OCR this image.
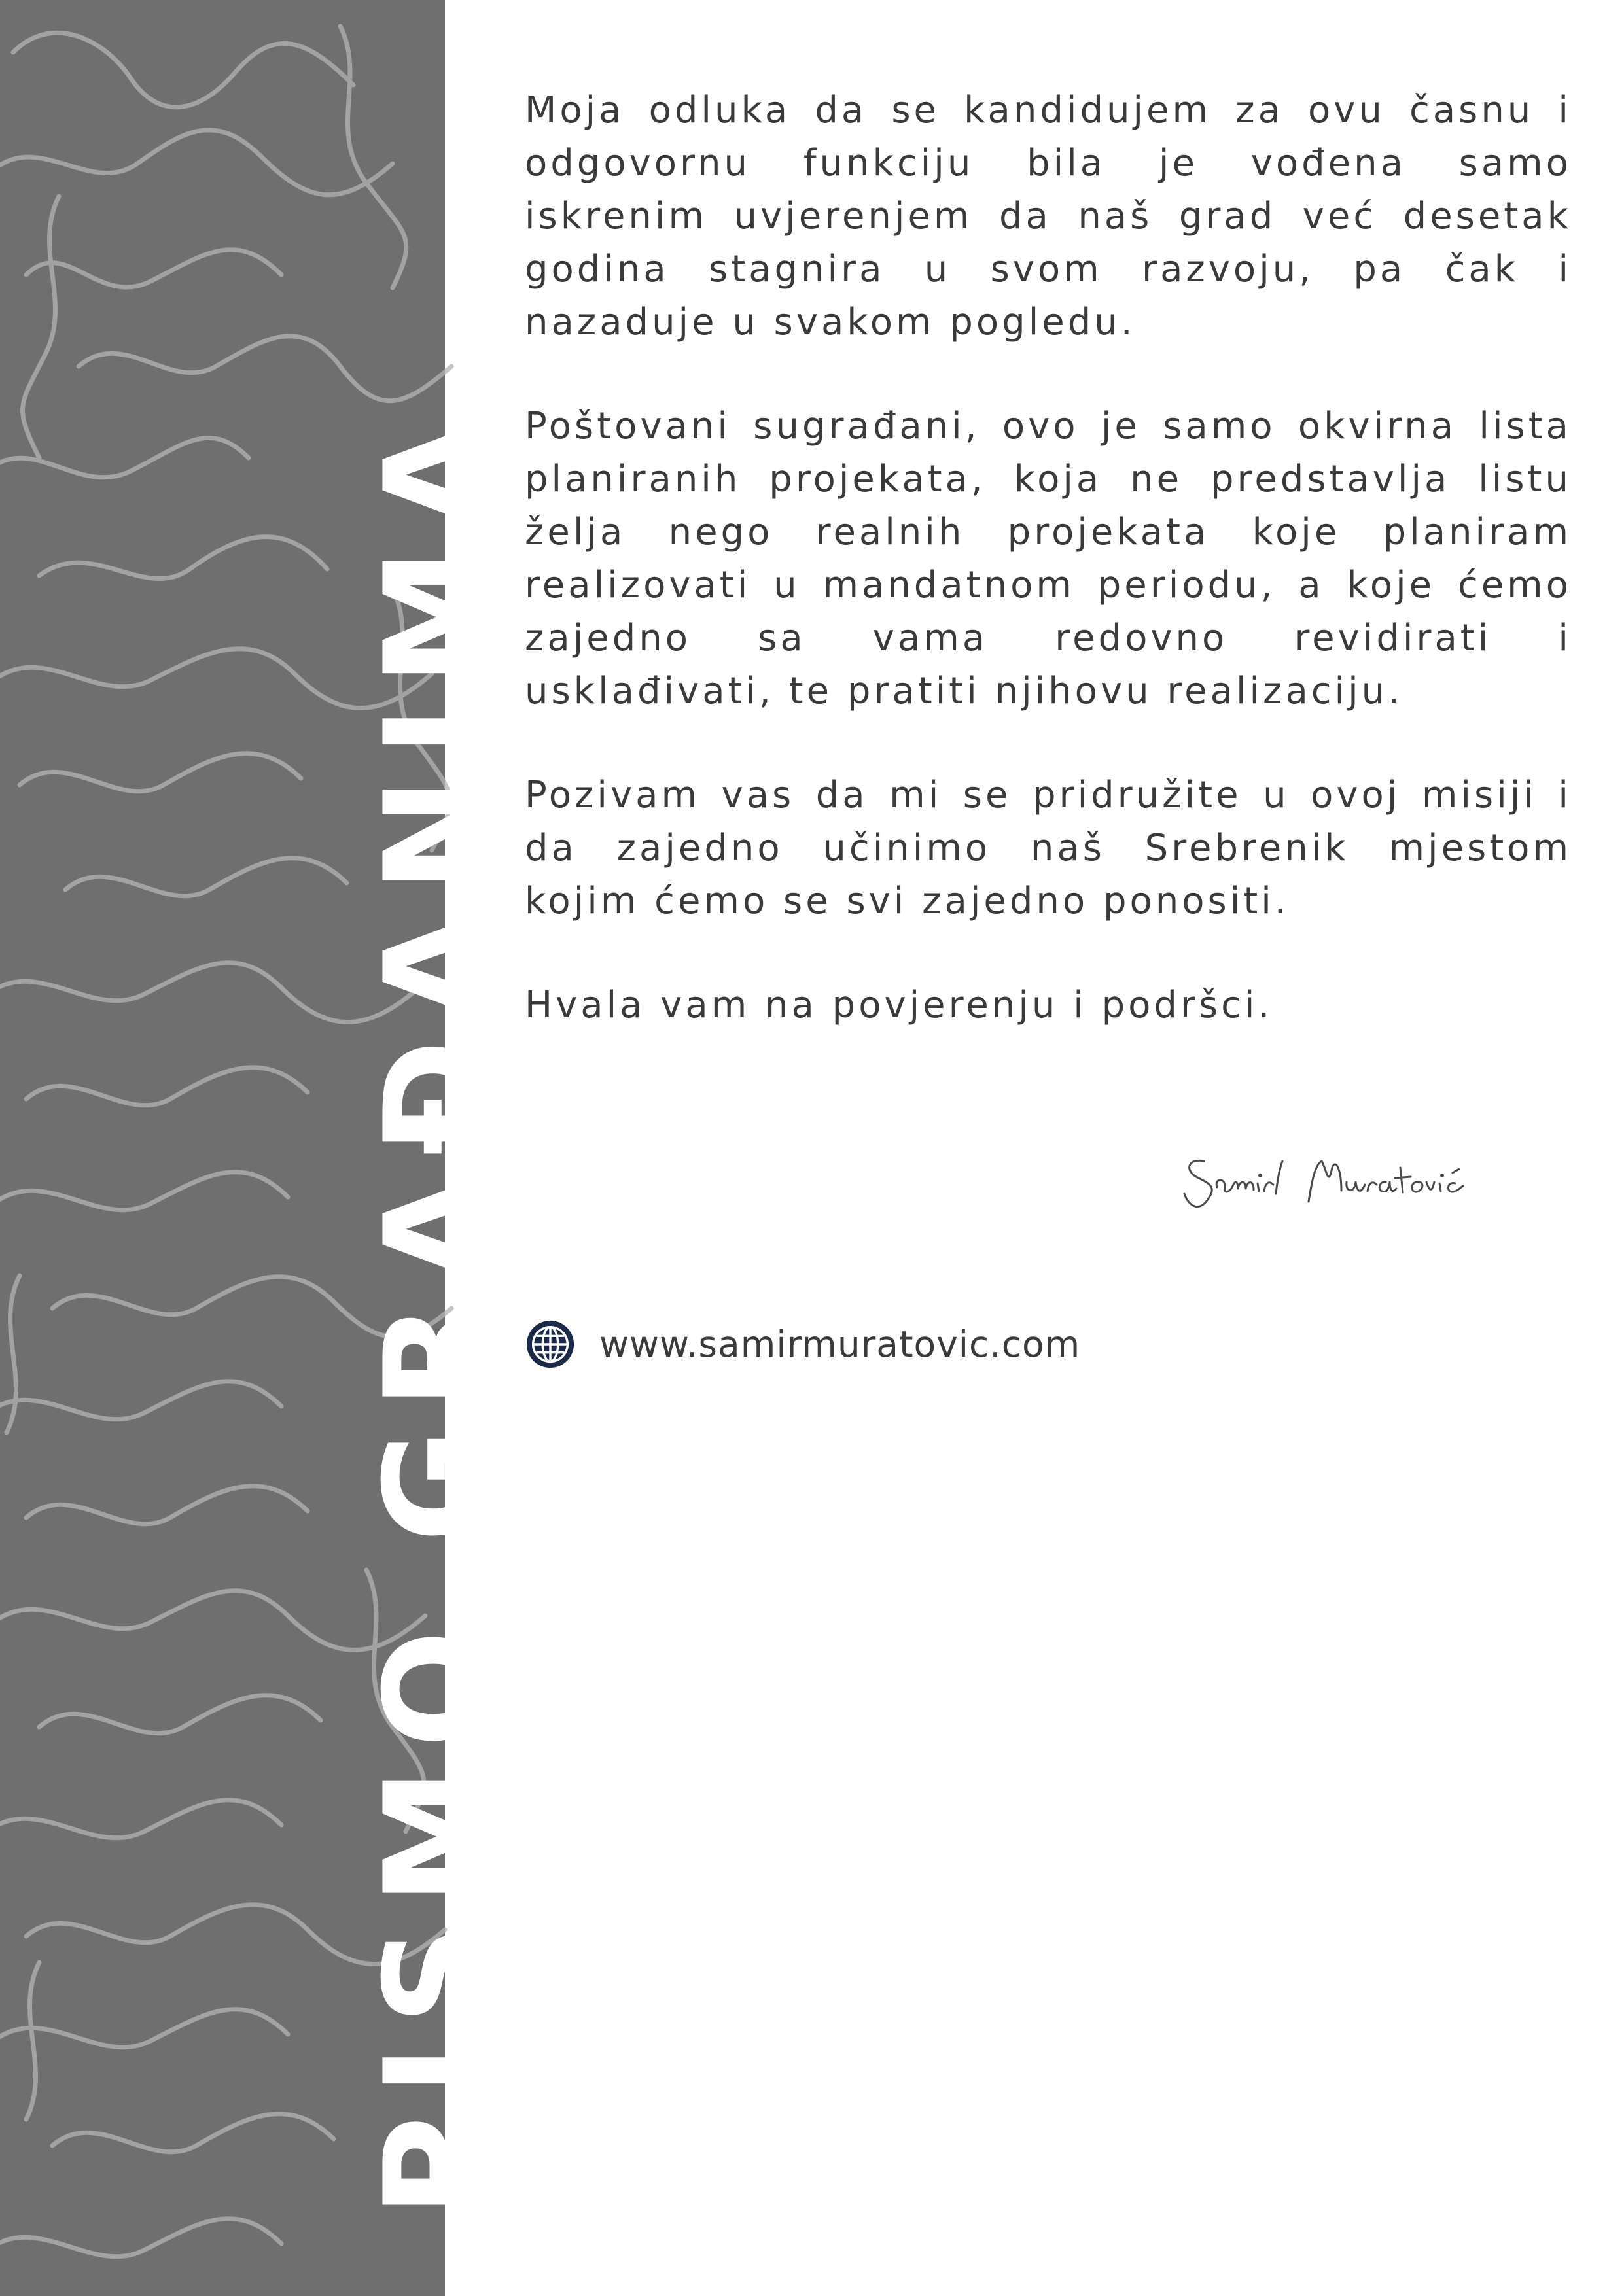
PISMO GRAĐANIMA

Moja odluka da se kandidujem za ovu časnu i odgovornu funkciju bila je vođena samo iskrenim uvjerenjem da naš grad već desetak godina stagnira u svom razvoju, pa čak i nazaduje u svakom pogledu.

Poštovani sugrađani, ovo je samo okvirna lista planiranih projekata, koja ne predstavlja listu želja nego realnih projekata koje planiram realizovati u mandatnom periodu, a koje ćemo zajedno sa vama redovno revidirati i usklađivati, te pratiti njihovu realizaciju.

Pozivam vas da mi se pridružite u ovoj misiji i da zajedno učinimo naš Srebrenik mjestom kojim ćemo se svi zajedno ponositi.

Hvala vam na povjerenju i podršci.

www.samirmuratovic.com
